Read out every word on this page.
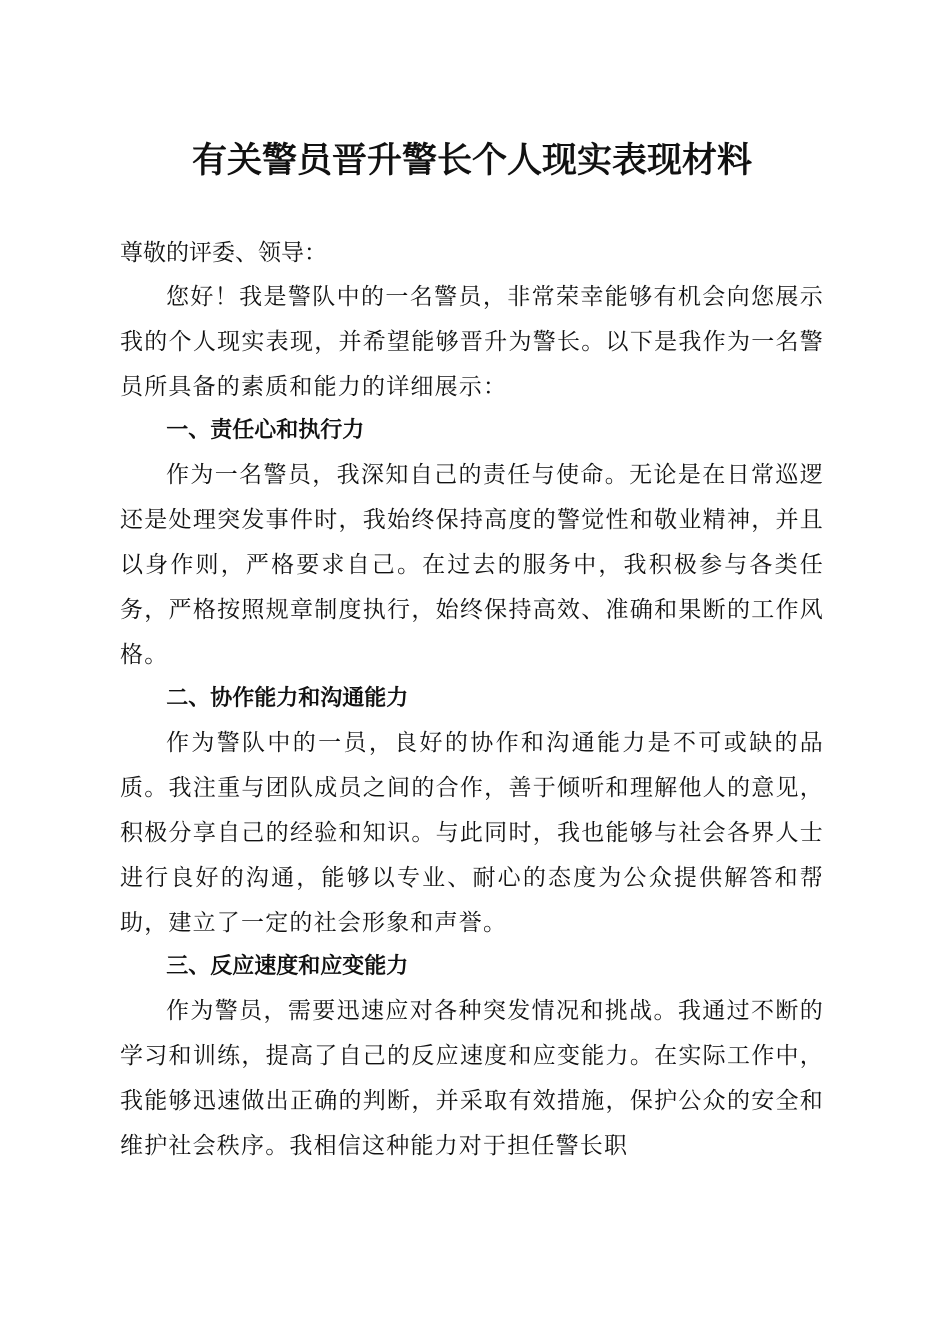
有关警员晋升警长个人现实表现材料

尊敬的评委、领导：

您好！我是警队中的一名警员，非常荣幸能够有机会向您展示我的个人现实表现，并希望能够晋升为警长。以下是我作为一名警员所具备的素质和能力的详细展示：

一、责任心和执行力

作为一名警员，我深知自己的责任与使命。无论是在日常巡逻还是处理突发事件时，我始终保持高度的警觉性和敬业精神，并且以身作则，严格要求自己。在过去的服务中，我积极参与各类任务，严格按照规章制度执行，始终保持高效、准确和果断的工作风格。

二、协作能力和沟通能力

作为警队中的一员，良好的协作和沟通能力是不可或缺的品质。我注重与团队成员之间的合作，善于倾听和理解他人的意见，积极分享自己的经验和知识。与此同时，我也能够与社会各界人士进行良好的沟通，能够以专业、耐心的态度为公众提供解答和帮助，建立了一定的社会形象和声誉。

三、反应速度和应变能力

作为警员，需要迅速应对各种突发情况和挑战。我通过不断的学习和训练，提高了自己的反应速度和应变能力。在实际工作中，我能够迅速做出正确的判断，并采取有效措施，保护公众的安全和维护社会秩序。我相信这种能力对于担任警长职
